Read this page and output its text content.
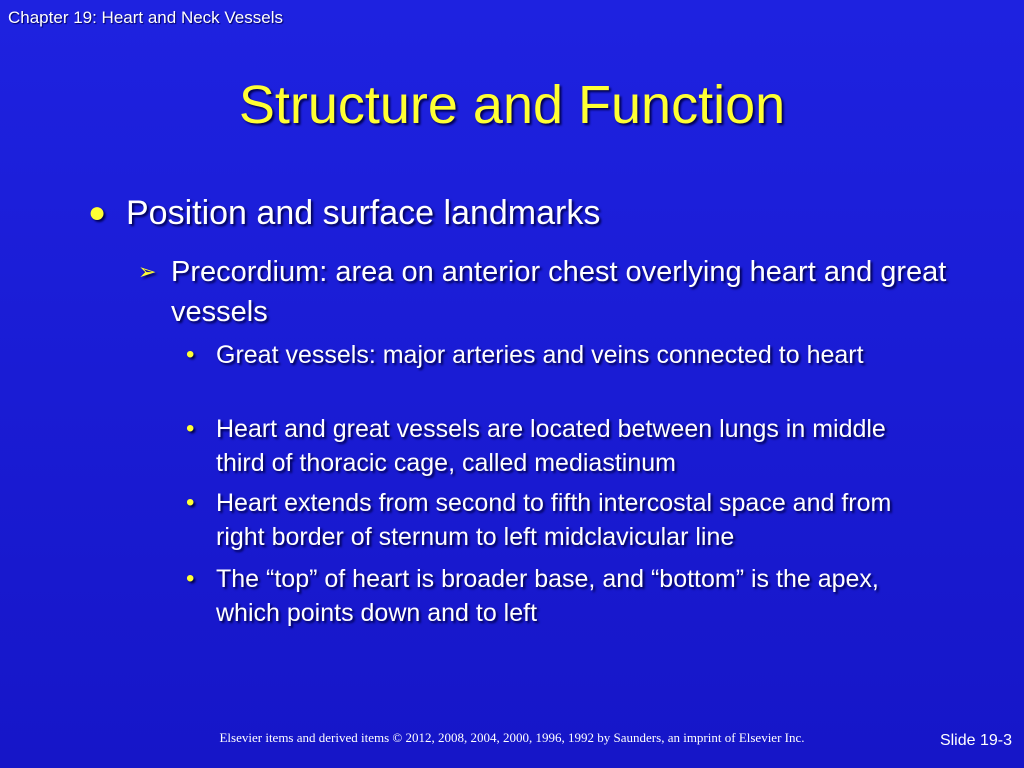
Chapter 19: Heart and Neck Vessels
Structure and Function
● Position and surface landmarks
➢ Precordium: area on anterior chest overlying heart and great vessels
• Great vessels: major arteries and veins connected to heart
• Heart and great vessels are located between lungs in middle third of thoracic cage, called mediastinum
• Heart extends from second to fifth intercostal space and from right border of sternum to left midclavicular line
• The “top” of heart is broader base, and “bottom” is the apex, which points down and to left
Elsevier items and derived items © 2012, 2008, 2004, 2000, 1996, 1992 by Saunders, an imprint of Elsevier Inc.	Slide 19-3
